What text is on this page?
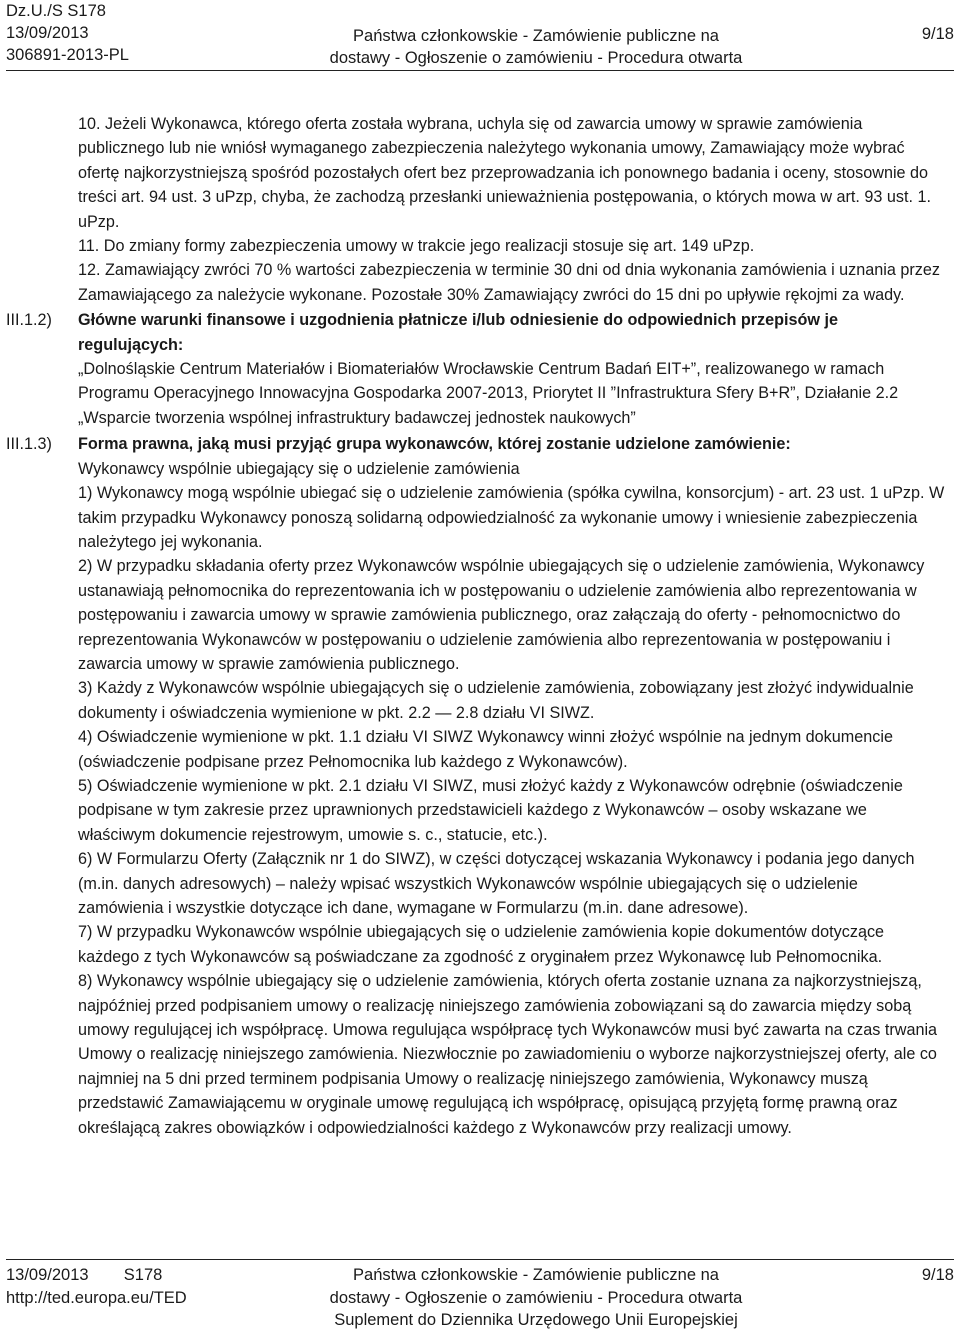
Dz.U./S S178
13/09/2013
306891-2013-PL
Państwa członkowskie - Zamówienie publiczne na
dostawy - Ogłoszenie o zamówieniu - Procedura otwarta
9/18

10. Jeżeli Wykonawca, którego oferta została wybrana, uchyla się od zawarcia umowy w sprawie zamówienia publicznego lub nie wniósł wymaganego zabezpieczenia należytego wykonania umowy, Zamawiający może wybrać ofertę najkorzystniejszą spośród pozostałych ofert bez przeprowadzania ich ponownego badania i oceny, stosownie do treści art. 94 ust. 3 uPzp, chyba, że zachodzą przesłanki unieważnienia postępowania, o których mowa w art. 93 ust. 1. uPzp.

11. Do zmiany formy zabezpieczenia umowy w trakcie jego realizacji stosuje się art. 149 uPzp.

12. Zamawiający zwróci 70 % wartości zabezpieczenia w terminie 30 dni od dnia wykonania zamówienia i uznania przez Zamawiającego za należycie wykonane. Pozostałe 30% Zamawiający zwróci do 15 dni po upływie rękojmi za wady.

III.1.2) Główne warunki finansowe i uzgodnienia płatnicze i/lub odniesienie do odpowiednich przepisów je regulujących:

„Dolnośląskie Centrum Materiałów i Biomateriałów Wrocławskie Centrum Badań EIT+”, realizowanego w ramach Programu Operacyjnego Innowacyjna Gospodarka 2007-2013, Priorytet II ”Infrastruktura Sfery B+R”, Działanie 2.2 „Wsparcie tworzenia wspólnej infrastruktury badawczej jednostek naukowych”

III.1.3) Forma prawna, jaką musi przyjąć grupa wykonawców, której zostanie udzielone zamówienie:

Wykonawcy wspólnie ubiegający się o udzielenie zamówienia

1) Wykonawcy mogą wspólnie ubiegać się o udzielenie zamówienia (spółka cywilna, konsorcjum) - art. 23 ust. 1 uPzp. W takim przypadku Wykonawcy ponoszą solidarną odpowiedzialność za wykonanie umowy i wniesienie zabezpieczenia należytego jej wykonania.

2) W przypadku składania oferty przez Wykonawców wspólnie ubiegających się o udzielenie zamówienia, Wykonawcy ustanawiają pełnomocnika do reprezentowania ich w postępowaniu o udzielenie zamówienia albo reprezentowania w postępowaniu i zawarcia umowy w sprawie zamówienia publicznego, oraz załączają do oferty - pełnomocnictwo do reprezentowania Wykonawców w postępowaniu o udzielenie zamówienia albo reprezentowania w postępowaniu i zawarcia umowy w sprawie zamówienia publicznego.

3) Każdy z Wykonawców wspólnie ubiegających się o udzielenie zamówienia, zobowiązany jest złożyć indywidualnie dokumenty i oświadczenia wymienione w pkt. 2.2 — 2.8 działu VI SIWZ.

4) Oświadczenie wymienione w pkt. 1.1 działu VI SIWZ Wykonawcy winni złożyć wspólnie na jednym dokumencie (oświadczenie podpisane przez Pełnomocnika lub każdego z Wykonawców).

5) Oświadczenie wymienione w pkt. 2.1 działu VI SIWZ, musi złożyć każdy z Wykonawców odrębnie (oświadczenie podpisane w tym zakresie przez uprawnionych przedstawicieli każdego z Wykonawców – osoby wskazane we właściwym dokumencie rejestrowym, umowie s. c., statucie, etc.).

6) W Formularzu Oferty (Załącznik nr 1 do SIWZ), w części dotyczącej wskazania Wykonawcy i podania jego danych (m.in. danych adresowych) – należy wpisać wszystkich Wykonawców wspólnie ubiegających się o udzielenie zamówienia i wszystkie dotyczące ich dane, wymagane w Formularzu (m.in. dane adresowe).

7) W przypadku Wykonawców wspólnie ubiegających się o udzielenie zamówienia kopie dokumentów dotyczące każdego z tych Wykonawców są poświadczane za zgodność z oryginałem przez Wykonawcę lub Pełnomocnika.

8) Wykonawcy wspólnie ubiegający się o udzielenie zamówienia, których oferta zostanie uznana za najkorzystniejszą, najpóźniej przed podpisaniem umowy o realizację niniejszego zamówienia zobowiązani są do zawarcia między sobą umowy regulującej ich współpracę. Umowa regulująca współpracę tych Wykonawców musi być zawarta na czas trwania Umowy o realizację niniejszego zamówienia. Niezwłocznie po zawiadomieniu o wyborze najkorzystniejszej oferty, ale co najmniej na 5 dni przed terminem podpisania Umowy o realizację niniejszego zamówienia, Wykonawcy muszą przedstawić Zamawiającemu w oryginale umowę regulującą ich współpracę, opisującą przyjętą formę prawną oraz określającą zakres obowiązków i odpowiedzialności każdego z Wykonawców przy realizacji umowy.

13/09/2013 S178
http://ted.europa.eu/TED
Państwa członkowskie - Zamówienie publiczne na
dostawy - Ogłoszenie o zamówieniu - Procedura otwarta
Suplement do Dziennika Urzędowego Unii Europejskiej
9/18
